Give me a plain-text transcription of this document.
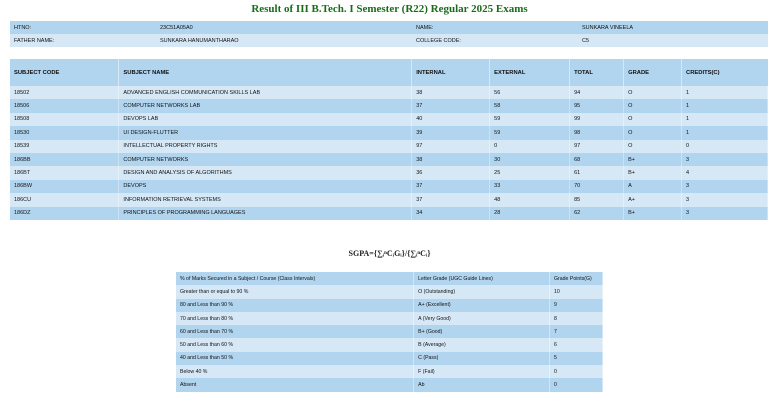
Result of III B.Tech. I Semester (R22) Regular 2025 Exams
HTNO:	23C51A05A0	NAME:	SUNKARA VINEELA
FATHER NAME:	SUNKARA HANUMANTHARAO	COLLEGE CODE:	C5
SUBJECT CODE	SUBJECT NAME	INTERNAL	EXTERNAL	TOTAL	GRADE	CREDITS(C)
18502	ADVANCED ENGLISH COMMUNICATION SKILLS LAB	38	56	94	O	1
18506	COMPUTER NETWORKS LAB	37	58	95	O	1
18508	DEVOPS LAB	40	59	99	O	1
18530	UI DESIGN-FLUTTER	39	59	98	O	1
18539	INTELLECTUAL PROPERTY RIGHTS	97	0	97	O	0
186BB	COMPUTER NETWORKS	38	30	68	B+	3
186BT	DESIGN AND ANALYSIS OF ALGORITHMS	36	25	61	B+	4
186BW	DEVOPS	37	33	70	A	3
186CU	INFORMATION RETRIEVAL SYSTEMS	37	48	85	A+	3
186DZ	PRINCIPLES OF PROGRAMMING LANGUAGES	34	28	62	B+	3
SGPA={∑ᵢⁿCᵢGᵢ}/{∑ᵢⁿCᵢ}
% of Marks Secured in a Subject / Course (Class Intervals)	Letter Grade (UGC Guide Lines)	Grade Points(G)
Greater than or equal to 90 %	O (Outstanding)	10
80 and Less than 90 %	A+ (Excellent)	9
70 and Less than 80 %	A (Very Good)	8
60 and Less than 70 %	B+ (Good)	7
50 and Less than 60 %	B (Average)	6
40 and Less than 50 %	C (Pass)	5
Below 40 %	F (Fail)	0
Absent	Ab	0
